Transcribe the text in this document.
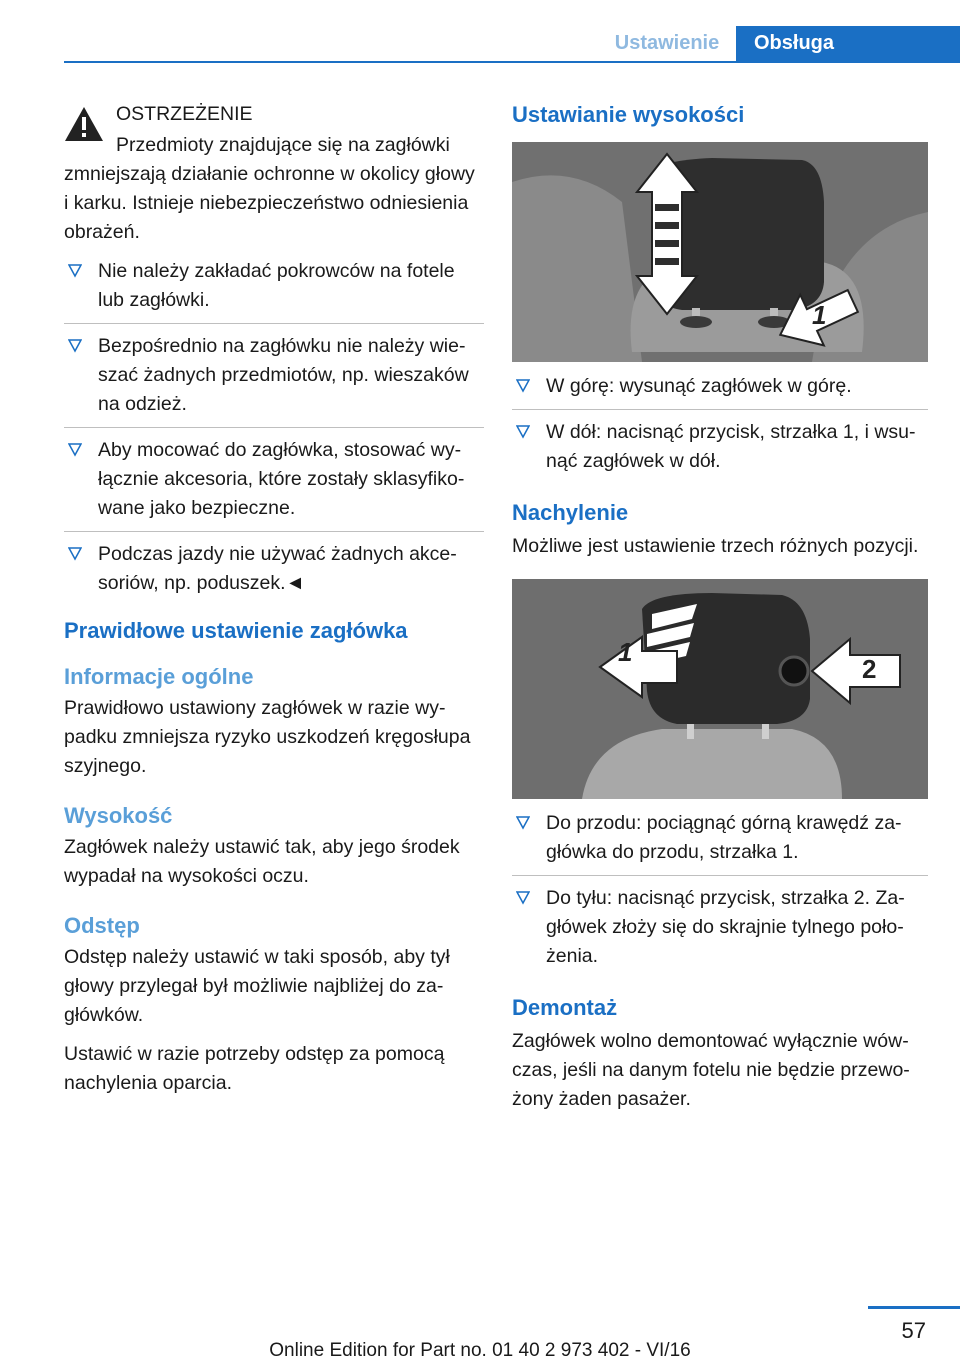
Ustawienie	Obsługa

OSTRZEŻENIE

Przedmioty znajdujące się na zagłówki zmniejszają działanie ochronne w okolicy głowy i karku. Istnieje niebezpieczeństwo odniesienia obrażeń.

Nie należy zakładać pokrowców na fotele lub zagłówki.
Bezpośrednio na zagłówku nie należy wieszać żadnych przedmiotów, np. wieszaków na odzież.
Aby mocować do zagłówka, stosować wyłącznie akcesoria, które zostały sklasyfikowane jako bezpieczne.
Podczas jazdy nie używać żadnych akcesoriów, np. poduszek.◄
Prawidłowe ustawienie zagłówka
Informacje ogólne

Prawidłowo ustawiony zagłówek w razie wypadku zmniejsza ryzyko uszkodzeń kręgosłupa szyjnego.

Wysokość

Zagłówek należy ustawić tak, aby jego środek wypadał na wysokości oczu.

Odstęp

Odstęp należy ustawić w taki sposób, aby tył głowy przylegał był możliwie najbliżej do zagłówków.

Ustawić w razie potrzeby odstęp za pomocą nachylenia oparcia.

Ustawianie wysokości
1
W górę: wysunąć zagłówek w górę.
W dół: nacisnąć przycisk, strzałka 1, i wsunąć zagłówek w dół.
Nachylenie

Możliwe jest ustawienie trzech różnych pozycji.

1
2
Do przodu: pociągnąć górną krawędź zagłówka do przodu, strzałka 1.
Do tyłu: nacisnąć przycisk, strzałka 2. Zagłówek złoży się do skrajnie tylnego położenia.
Demontaż

Zagłówek wolno demontować wyłącznie wówczas, jeśli na danym fotelu nie będzie przewożony żaden pasażer.

57
Online Edition for Part no. 01 40 2 973 402 - VI/16
